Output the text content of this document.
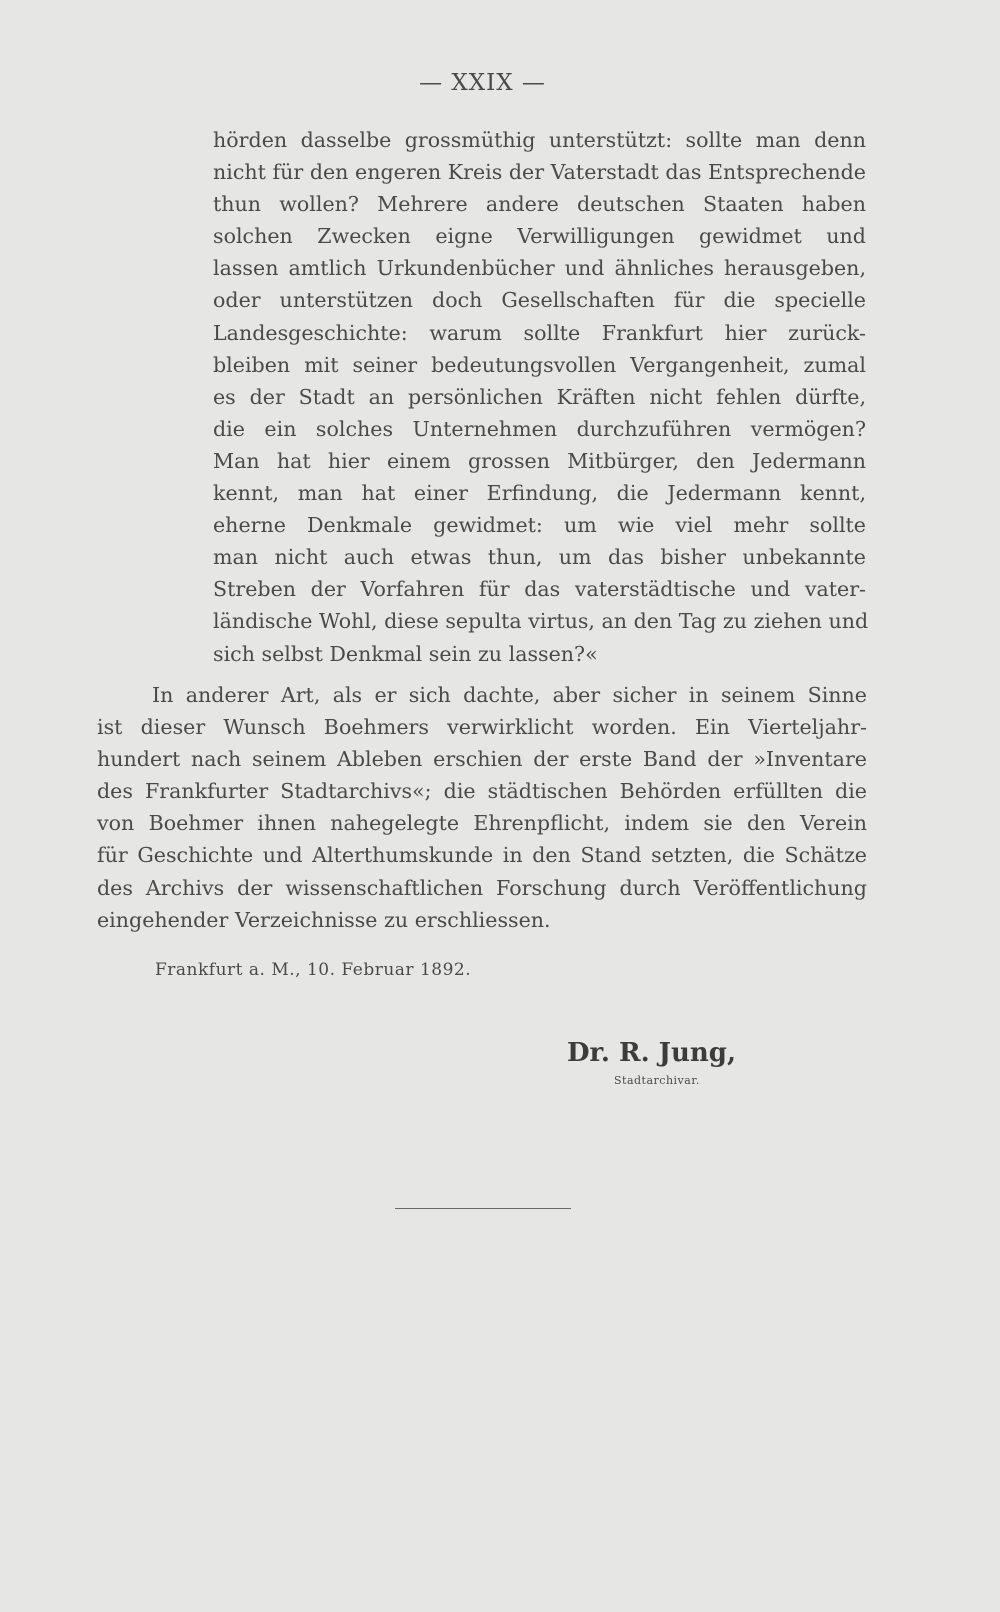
— XXIX —
hörden dasselbe grossmüthig unterstützt: sollte man denn
nicht für den engeren Kreis der Vaterstadt das Entsprechende
thun wollen? Mehrere andere deutschen Staaten haben
solchen Zwecken eigne Verwilligungen gewidmet und
lassen amtlich Urkundenbücher und ähnliches herausgeben,
oder unterstützen doch Gesellschaften für die specielle
Landesgeschichte: warum sollte Frankfurt hier zurück-
bleiben mit seiner bedeutungsvollen Vergangenheit, zumal
es der Stadt an persönlichen Kräften nicht fehlen dürfte,
die ein solches Unternehmen durchzuführen vermögen?
Man hat hier einem grossen Mitbürger, den Jedermann
kennt, man hat einer Erfindung, die Jedermann kennt,
eherne Denkmale gewidmet: um wie viel mehr sollte
man nicht auch etwas thun, um das bisher unbekannte
Streben der Vorfahren für das vaterstädtische und vater-
ländische Wohl, diese sepulta virtus, an den Tag zu ziehen und
sich selbst Denkmal sein zu lassen?«
In anderer Art, als er sich dachte, aber sicher in seinem Sinne
ist dieser Wunsch Boehmers verwirklicht worden. Ein Vierteljahr-
hundert nach seinem Ableben erschien der erste Band der »Inventare
des Frankfurter Stadtarchivs«; die städtischen Behörden erfüllten die
von Boehmer ihnen nahegelegte Ehrenpflicht, indem sie den Verein
für Geschichte und Alterthumskunde in den Stand setzten, die Schätze
des Archivs der wissenschaftlichen Forschung durch Veröffentlichung
eingehender Verzeichnisse zu erschliessen.
Frankfurt a. M., 10. Februar 1892.
Dr. R. Jung,
Stadtarchivar.
